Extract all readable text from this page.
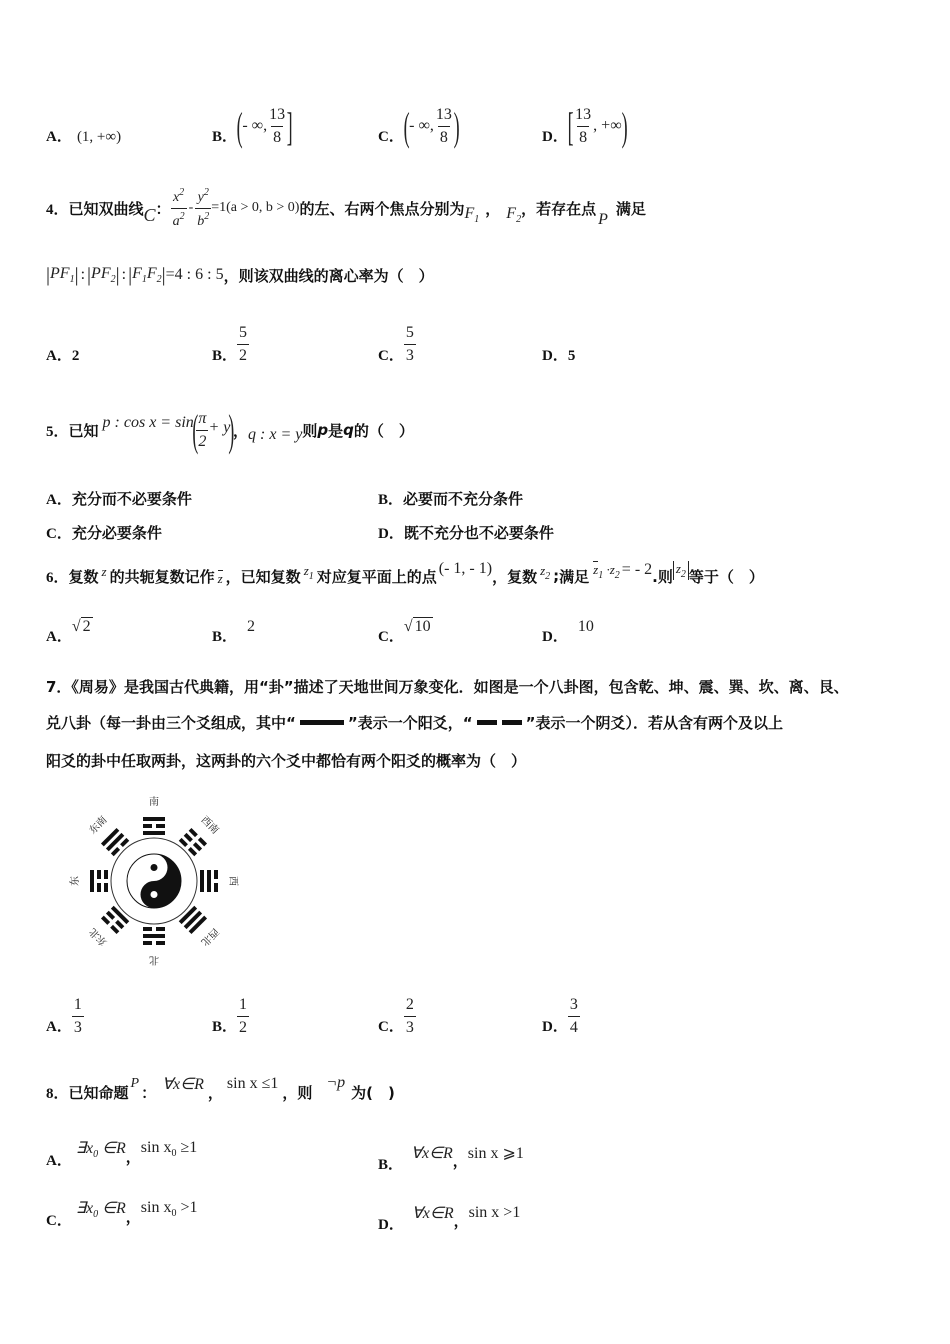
A． (1, +∞)	B． ( - ∞, $\frac{13}{8}$ ]	C． ( - ∞, $\frac{13}{8}$ )	D． [ $\frac{13}{8}$ , +∞ )
4． 已知双曲线 C ： $\frac{x^2}{a^2} - \frac{y^2}{b^2} =1(a > 0$, b > 0) 的左、右两个焦点分别为 $F_1$
， $F_2$
，若存在点
P
满足
| $PF_1$ | : | $PF_2$ | : | $F_1F_2$ | =4 : 6 : 5 ，则该双曲线的离心率为（　）
A．2	B． $\frac{5}{2}$	C． $\frac{5}{3}$	D．5
5． 已知 p : cos x = sin
(
$\frac{\pi}{2} + y$
)
， q : x = y 则 p 是 q 的（　）
A．充分而不必要条件	B．必要而不充分条件
C．充分必要条件	D．既不充分也不必要条件
6． 复数 z 的共轭复数记作 z ，已知复数 $z_1$ 对应复平面上的点 (- 1, - 1) ，复数 $z_2$ ; 满足 $z_1 \cdot z_2$ = - 2 .则 $z_2$ 等于（　）
A．
√ 2
B．
2
C．
√ 10
D．
10
7．《周易》是我国古代典籍，用“卦”描述了天地世间万象变化．如图是一个八卦图，包含乾、坤、震、巽、坎、离、艮、
兑八卦（每一卦由三个爻组成，其中“	”表示一个阳爻，“	”表示一个阴爻）．若从含有两个及以上
阳爻的卦中任取两卦，这两卦的六个爻中都恰有两个阳爻的概率为（　）
南
西南
西
西北
北
东北
东
东南
A． $\frac{1}{3}$	B． $\frac{1}{2}$	C． $\frac{2}{3}$	D． $\frac{3}{4}$
8． 已知命题 P ： ∀x∈R ， sin x ≤1 ，则
¬p
为(　)
A．
$\exists x_0$ ∈R ， $\sin x_0 \ge 1$
B．
∀x∈R ， sin x ⩾1
C．
$\exists x_0$ ∈R ， $\sin x_0 >1$
D．
∀x∈R ， sin x >1
